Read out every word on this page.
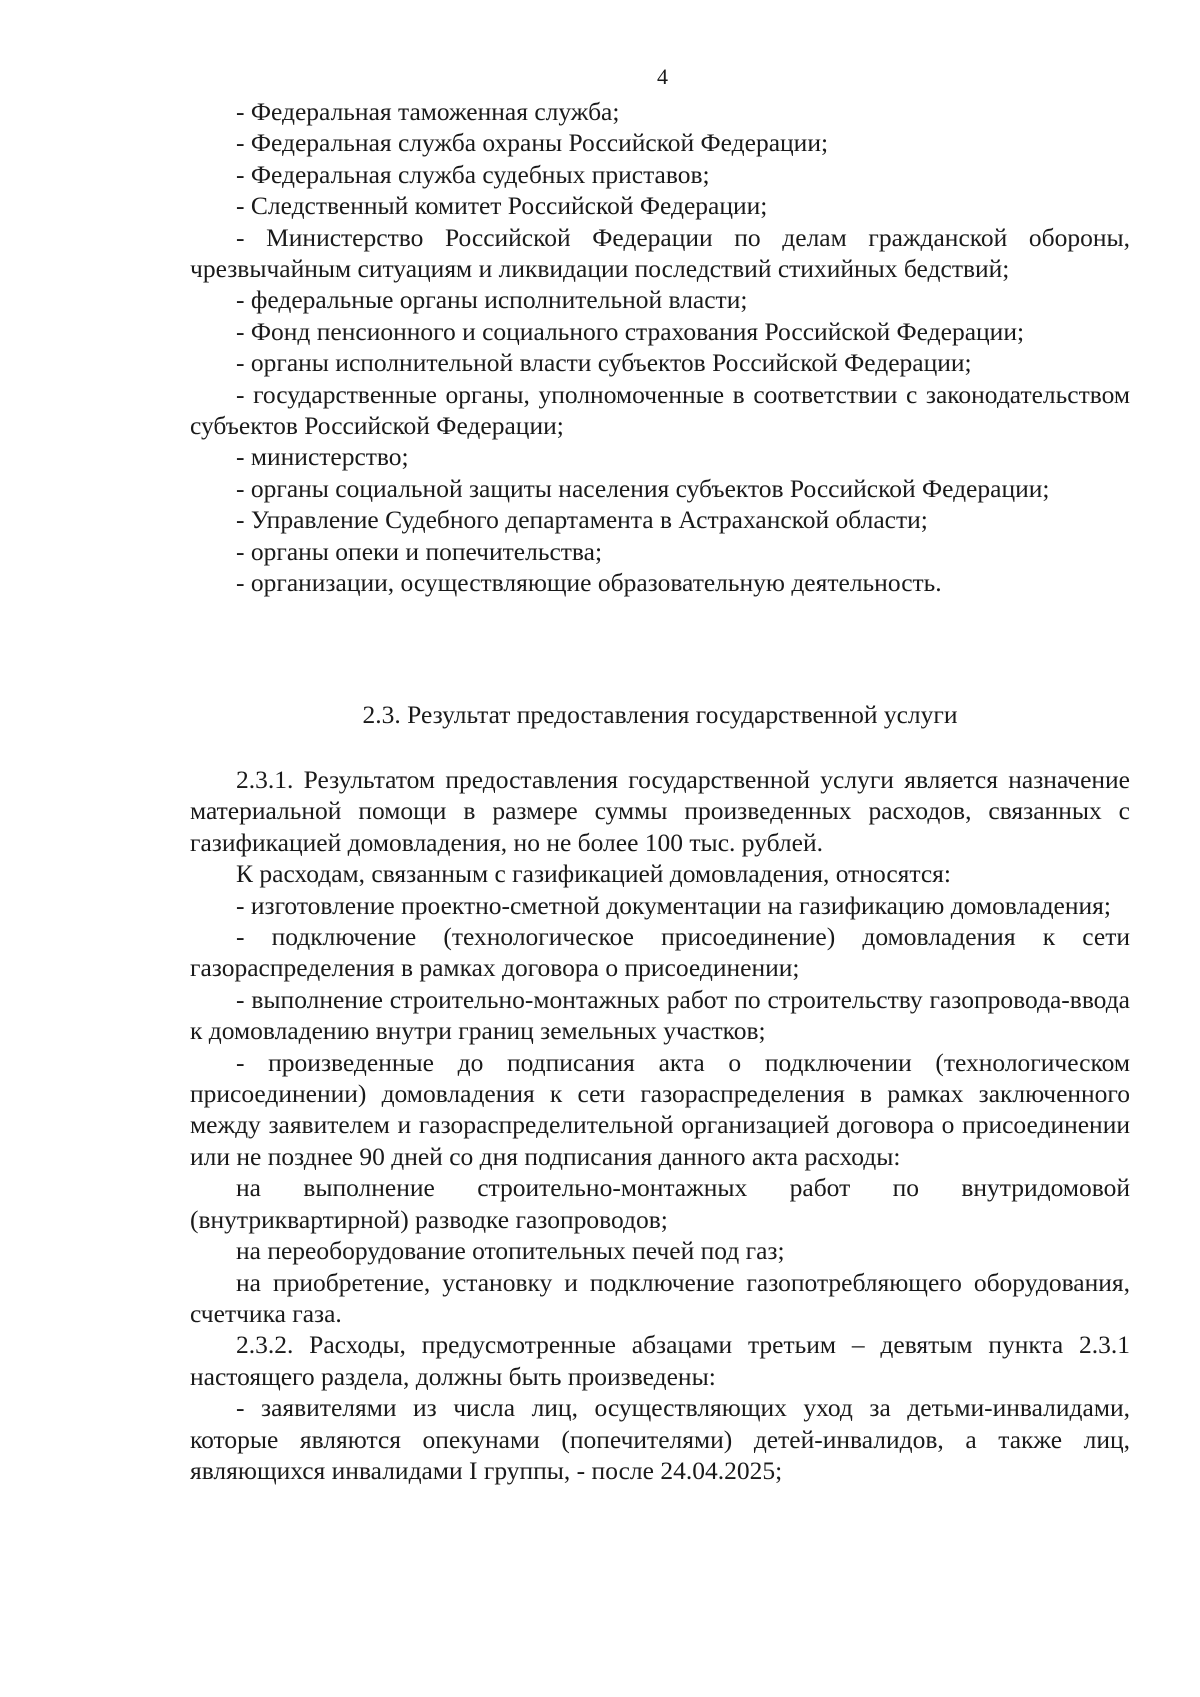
4

- Федеральная таможенная служба;

- Федеральная служба охраны Российской Федерации;

- Федеральная служба судебных приставов;

- Следственный комитет Российской Федерации;

- Министерство Российской Федерации по делам гражданской обороны, чрезвычайным ситуациям и ликвидации последствий стихийных бедствий;

- федеральные органы исполнительной власти;

- Фонд пенсионного и социального страхования Российской Федерации;

- органы исполнительной власти субъектов Российской Федерации;

- государственные органы, уполномоченные в соответствии с законодательством субъектов Российской Федерации;

- министерство;

- органы социальной защиты населения субъектов Российской Федерации;

- Управление Судебного департамента в Астраханской области;

- органы опеки и попечительства;

- организации, осуществляющие образовательную деятельность.

2.3. Результат предоставления государственной услуги

2.3.1. Результатом предоставления государственной услуги является назначение материальной помощи в размере суммы произведенных расходов, связанных с газификацией домовладения, но не более 100 тыс. рублей.

К расходам, связанным с газификацией домовладения, относятся:

- изготовление проектно-сметной документации на газификацию домовладения;

- подключение (технологическое присоединение) домовладения к сети газораспределения в рамках договора о присоединении;

- выполнение строительно-монтажных работ по строительству газопровода-ввода к домовладению внутри границ земельных участков;

- произведенные до подписания акта о подключении (технологическом присоединении) домовладения к сети газораспределения в рамках заключенного между заявителем и газораспределительной организацией договора о присоединении или не позднее 90 дней со дня подписания данного акта расходы:

на выполнение строительно-монтажных работ по внутридомовой (внутриквартирной) разводке газопроводов;

на переоборудование отопительных печей под газ;

на приобретение, установку и подключение газопотребляющего оборудования, счетчика газа.

2.3.2. Расходы, предусмотренные абзацами третьим – девятым пункта 2.3.1 настоящего раздела, должны быть произведены:

- заявителями из числа лиц, осуществляющих уход за детьми-инвалидами, которые являются опекунами (попечителями) детей-инвалидов, а также лиц, являющихся инвалидами I группы, - после 24.04.2025;
